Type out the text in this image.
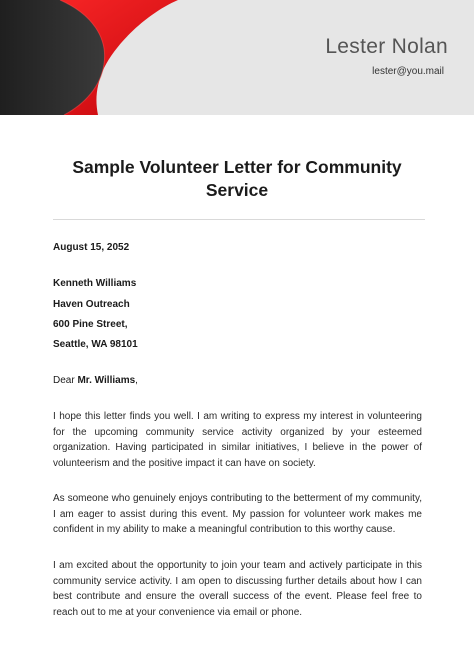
Lester Nolan
lester@you.mail
Sample Volunteer Letter for Community Service
August 15, 2052
Kenneth Williams
Haven Outreach
600 Pine Street,
Seattle, WA 98101
Dear Mr. Williams,

I hope this letter finds you well. I am writing to express my interest in volunteering for the upcoming community service activity organized by your esteemed organization. Having participated in similar initiatives, I believe in the power of volunteerism and the positive impact it can have on society.

As someone who genuinely enjoys contributing to the betterment of my community, I am eager to assist during this event. My passion for volunteer work makes me confident in my ability to make a meaningful contribution to this worthy cause.

I am excited about the opportunity to join your team and actively participate in this community service activity. I am open to discussing further details about how I can best contribute and ensure the overall success of the event. Please feel free to reach out to me at your convenience via email or phone.
